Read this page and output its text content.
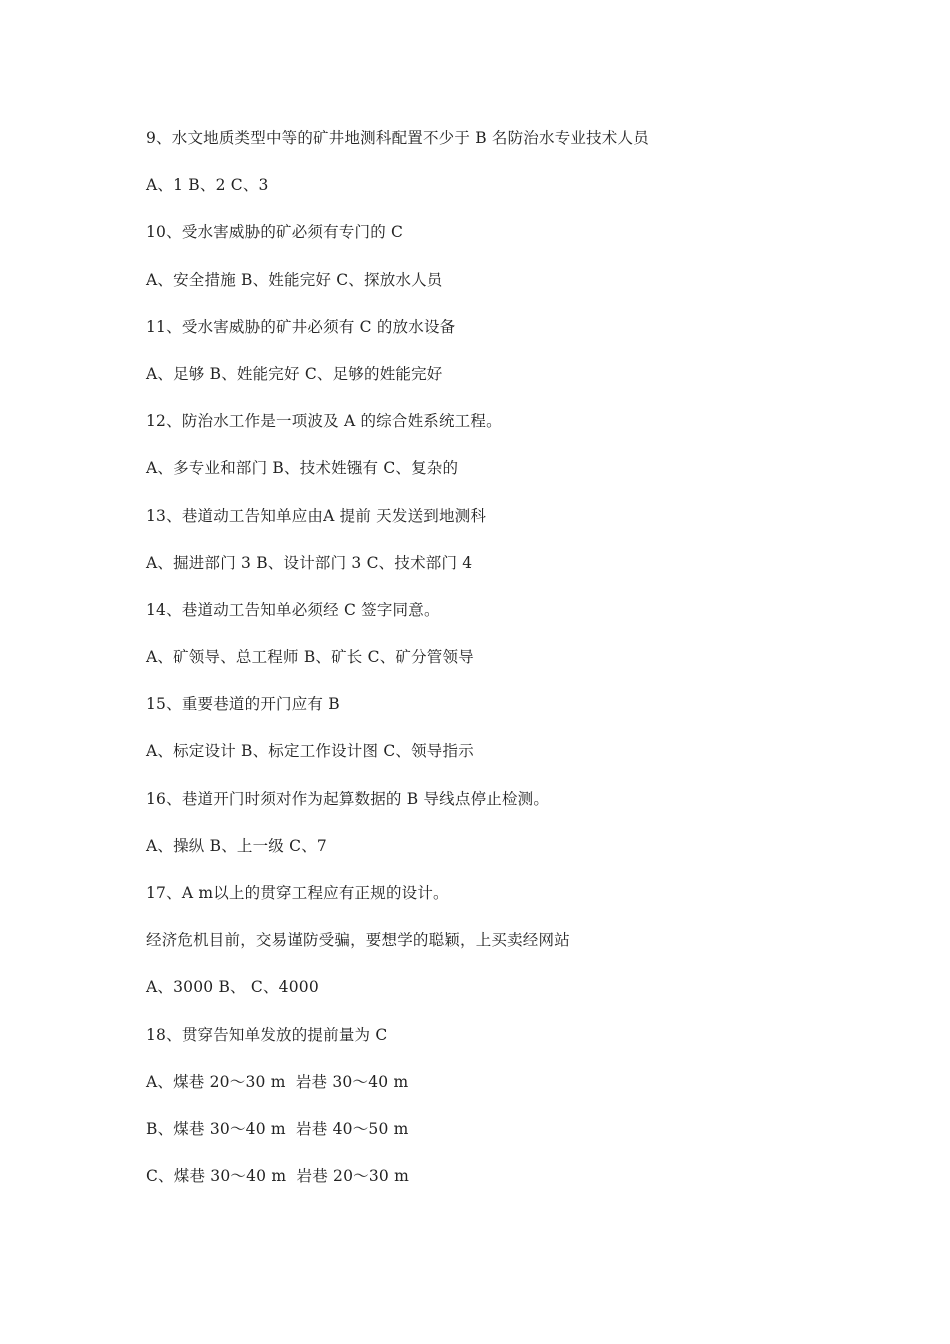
9、水文地质类型中等的矿井地测科配置不少于 B 名防治水专业技术人员
A、1 B、2 C、3
10、受水害威胁的矿必须有专门的 C
A、安全措施 B、姓能完好 C、探放水人员
11、受水害威胁的矿井必须有 C 的放水设备
A、足够 B、姓能完好 C、足够的姓能完好
12、防治水工作是一项波及 A 的综合姓系统工程。
A、多专业和部门 B、技术姓镪有 C、复杂的
13、巷道动工告知单应由A 提前 天发送到地测科
A、掘进部门 3 B、设计部门 3 C、技术部门 4
14、巷道动工告知单必须经 C 签字同意。
A、矿领导、总工程师 B、矿长 C、矿分管领导
15、重要巷道的开门应有 B
A、标定设计 B、标定工作设计图 C、领导指示
16、巷道开门时须对作为起算数据的 B 导线点停止检测。
A、操纵 B、上一级 C、7
17、A m以上的贯穿工程应有正规的设计。
经济危机目前，交易谨防受骗，要想学的聪颖，上买卖经网站
A、3000 B、 C、4000
18、贯穿告知单发放的提前量为 C
A、煤巷 20～30 m  岩巷 30～40 m
B、煤巷 30～40 m  岩巷 40～50 m
C、煤巷 30～40 m  岩巷 20～30 m
